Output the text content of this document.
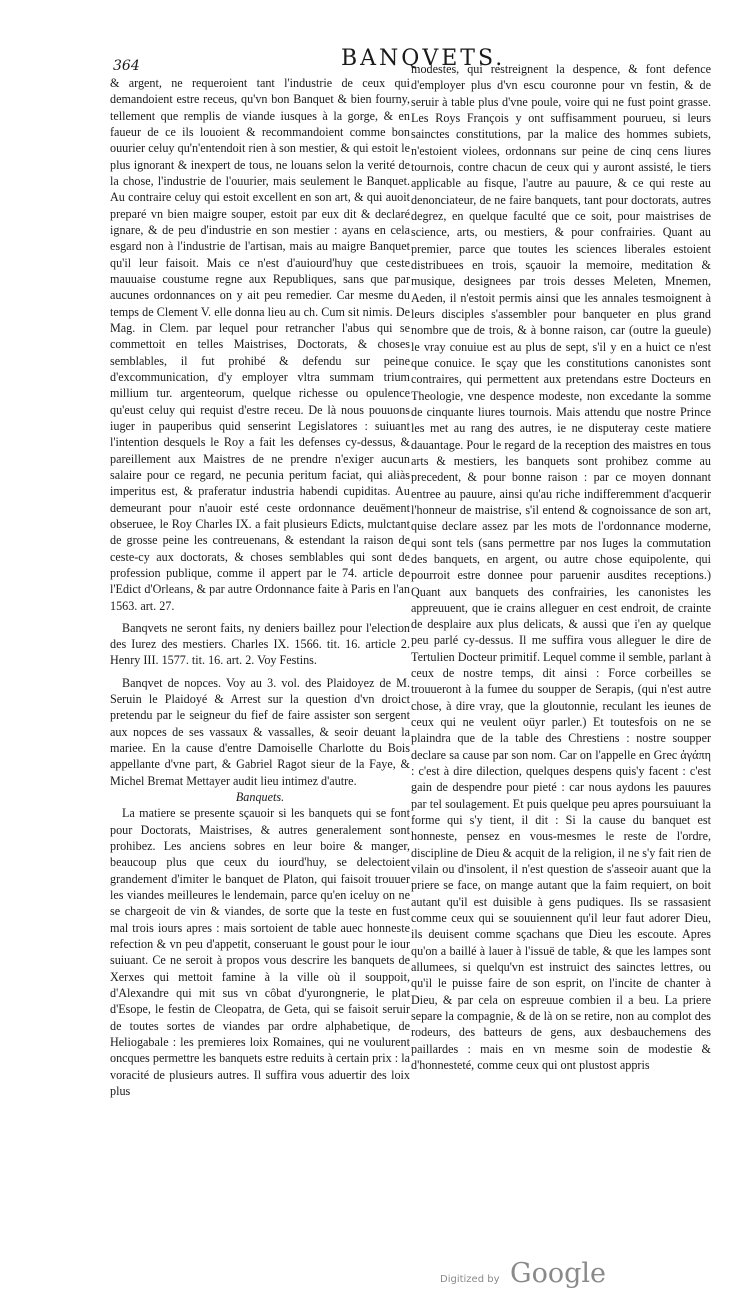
364	BANQVETS.

& argent, ne requeroient tant l'industrie de ceux qui demandoient estre receus, qu'vn bon Banquet & bien fourny, tellement que remplis de viande iusques à la gorge, & en faueur de ce ils louoient & recommandoient comme bon ouurier celuy qu'n'entendoit rien à son mestier, & qui estoit le plus ignorant & inexpert de tous, ne louans selon la verité de la chose, l'industrie de l'ouurier, mais seulement le Banquet. Au contraire celuy qui estoit excellent en son art, & qui auoit preparé vn bien maigre souper, estoit par eux dit & declaré ignare, & de peu d'industrie en son mestier : ayans en cela esgard non à l'industrie de l'artisan, mais au maigre Banquet qu'il leur faisoit. Mais ce n'est d'auiourd'huy que ceste mauuaise coustume regne aux Republiques, sans que par aucunes ordonnances on y ait peu remedier. Car mesme du temps de Clement V. elle donna lieu au ch. Cum sit nimis. De Mag. in Clem. par lequel pour retrancher l'abus qui se commettoit en telles Maistrises, Doctorats, & choses semblables, il fut prohibé & defendu sur peine d'excommunication, d'y employer vltra summam trium millium tur. argenteorum, quelque richesse ou opulence qu'eust celuy qui requist d'estre receu. De là nous pouuons iuger in pauperibus quid senserint Legislatores : suiuant l'intention desquels le Roy a fait les defenses cy-dessus, & pareillement aux Maistres de ne prendre n'exiger aucun salaire pour ce regard, ne pecunia peritum faciat, qui aliàs imperitus est, & praferatur industria habendi cupiditas. Au demeurant pour n'auoir esté ceste ordonnance deuëment obseruee, le Roy Charles IX. a fait plusieurs Edicts, mulctant de grosse peine les contreuenans, & estendant la raison de ceste-cy aux doctorats, & choses semblables qui sont de profession publique, comme il appert par le 74. article de l'Edict d'Orleans, & par autre Ordonnance faite à Paris en l'an 1563. art. 27.

Banqvets ne seront faits, ny deniers baillez pour l'election des Iurez des mestiers. Charles IX. 1566. tit. 16. article 2. Henry III. 1577. tit. 16. art. 2. Voy Festins.

Banqvet de nopces. Voy au 3. vol. des Plaidoyez de M. Seruin le Plaidoyé & Arrest sur la question d'vn droict pretendu par le seigneur du fief de faire assister son sergent aux nopces de ses vassaux & vassalles, & seoir deuant la mariee. En la cause d'entre Damoiselle Charlotte du Bois appellante d'vne part, & Gabriel Ragot sieur de la Faye, & Michel Bremat Mettayer audit lieu intimez d'autre.

Banquets.

La matiere se presente sçauoir si les banquets qui se font pour Doctorats, Maistrises, & autres generalement sont prohibez. Les anciens sobres en leur boire & manger, beaucoup plus que ceux du iourd'huy, se delectoient grandement d'imiter le banquet de Platon, qui faisoit trouuer les viandes meilleures le lendemain, parce qu'en iceluy on ne se chargeoit de vin & viandes, de sorte que la teste en fust mal trois iours apres : mais sortoient de table auec honneste refection & vn peu d'appetit, conseruant le goust pour le iour suiuant. Ce ne seroit à propos vous descrire les banquets de Xerxes qui mettoit famine à la ville où il souppoit, d'Alexandre qui mit sus vn côbat d'yurongnerie, le plat d'Esope, le festin de Cleopatra, de Geta, qui se faisoit seruir de toutes sortes de viandes par ordre alphabetique, de Heliogabale : les premieres loix Romaines, qui ne voulurent oncques permettre les banquets estre reduits à certain prix : la voracité de plusieurs autres. Il suffira vous aduertir des loix plus

modestes, qui restreignent la despence, & font defence d'employer plus d'vn escu couronne pour vn festin, & de seruir à table plus d'vne poule, voire qui ne fust point grasse. Les Roys François y ont suffisamment pourueu, si leurs sainctes constitutions, par la malice des hommes subiets, n'estoient violees, ordonnans sur peine de cinq cens liures tournois, contre chacun de ceux qui y auront assisté, le tiers applicable au fisque, l'autre au pauure, & ce qui reste au denonciateur, de ne faire banquets, tant pour doctorats, autres degrez, en quelque faculté que ce soit, pour maistrises de science, arts, ou mestiers, & pour confrairies. Quant au premier, parce que toutes les sciences liberales estoient distribuees en trois, sçauoir la memoire, meditation & musique, designees par trois desses Meleten, Mnemen, Aeden, il n'estoit permis ainsi que les annales tesmoignent à leurs disciples s'assembler pour banqueter en plus grand nombre que de trois, & à bonne raison, car (outre la gueule) le vray conuiue est au plus de sept, s'il y en a huict ce n'est que conuice. Ie sçay que les constitutions canonistes sont contraires, qui permettent aux pretendans estre Docteurs en Theologie, vne despence modeste, non excedante la somme de cinquante liures tournois. Mais attendu que nostre Prince les met au rang des autres, ie ne disputeray ceste matiere dauantage. Pour le regard de la reception des maistres en tous arts & mestiers, les banquets sont prohibez comme au precedent, & pour bonne raison : par ce moyen donnant entree au pauure, ainsi qu'au riche indifferemment d'acquerir l'honneur de maistrise, s'il entend & cognoissance de son art, quise declare assez par les mots de l'ordonnance moderne, qui sont tels (sans permettre par nos Iuges la commutation des banquets, en argent, ou autre chose equipolente, qui pourroit estre donnee pour paruenir ausdites receptions.) Quant aux banquets des confrairies, les canonistes les appreuuent, que ie crains alleguer en cest endroit, de crainte de desplaire aux plus delicats, & aussi que i'en ay quelque peu parlé cy-dessus. Il me suffira vous alleguer le dire de Tertulien Docteur primitif. Lequel comme il semble, parlant à ceux de nostre temps, dit ainsi : Force corbeilles se trouueront à la fumee du soupper de Serapis, (qui n'est autre chose, à dire vray, que la gloutonnie, reculant les ieunes de ceux qui ne veulent oüyr parler.) Et toutesfois on ne se plaindra que de la table des Chrestiens : nostre soupper declare sa cause par son nom. Car on l'appelle en Grec ἀγάπη : c'est à dire dilection, quelques despens quis'y facent : c'est gain de despendre pour pieté : car nous aydons les pauures par tel soulagement. Et puis quelque peu apres poursuiuant la forme qui s'y tient, il dit : Si la cause du banquet est honneste, pensez en vous-mesmes le reste de l'ordre, discipline de Dieu & acquit de la religion, il ne s'y fait rien de vilain ou d'insolent, il n'est question de s'asseoir auant que la priere se face, on mange autant que la faim requiert, on boit autant qu'il est duisible à gens pudiques. Ils se rassasient comme ceux qui se souuiennent qu'il leur faut adorer Dieu, ils deuisent comme sçachans que Dieu les escoute. Apres qu'on a baillé à lauer à l'issuë de table, & que les lampes sont allumees, si quelqu'vn est instruict des sainctes lettres, ou qu'il le puisse faire de son esprit, on l'incite de chanter à Dieu, & par cela on espreuue combien il a beu. La priere separe la compagnie, & de là on se retire, non au complot des rodeurs, des batteurs de gens, aux desbauchemens des paillardes : mais en vn mesme soin de modestie & d'honnesteté, comme ceux qui ont plustost appris

Digitized by Google
